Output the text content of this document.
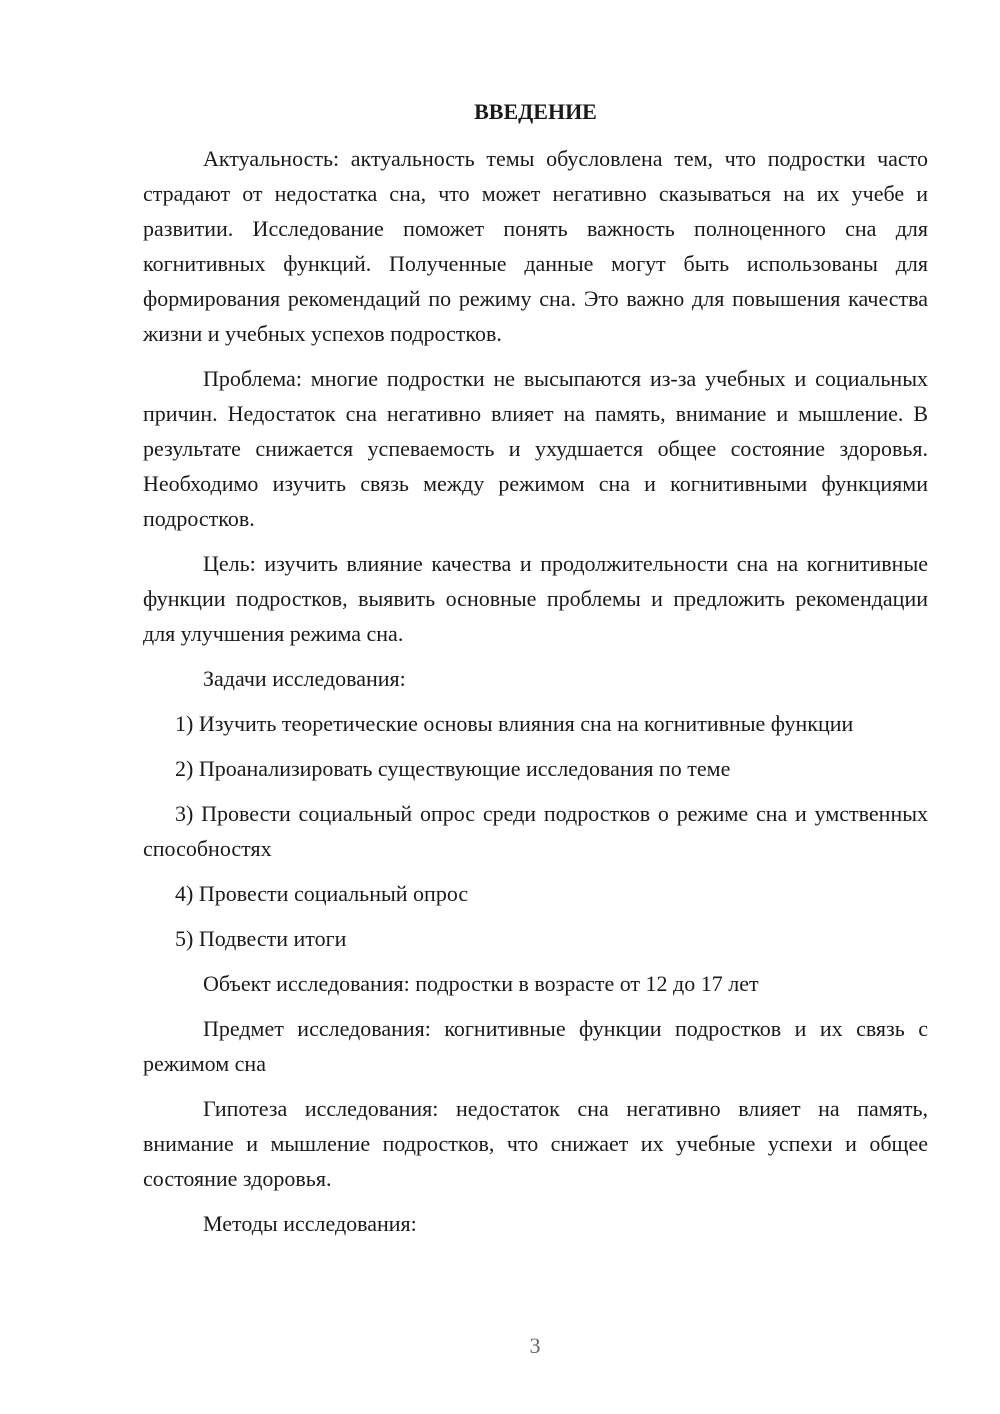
ВВЕДЕНИЕ

Актуальность: актуальность темы обусловлена тем, что подростки часто страдают от недостатка сна, что может негативно сказываться на их учебе и развитии. Исследование поможет понять важность полноценного сна для когнитивных функций. Полученные данные могут быть использованы для формирования рекомендаций по режиму сна. Это важно для повышения качества жизни и учебных успехов подростков.

Проблема: многие подростки не высыпаются из-за учебных и социальных причин. Недостаток сна негативно влияет на память, внимание и мышление. В результате снижается успеваемость и ухудшается общее состояние здоровья. Необходимо изучить связь между режимом сна и когнитивными функциями подростков.

Цель: изучить влияние качества и продолжительности сна на когнитивные функции подростков, выявить основные проблемы и предложить рекомендации для улучшения режима сна.

Задачи исследования:

1) Изучить теоретические основы влияния сна на когнитивные функции

2) Проанализировать существующие исследования по теме

3) Провести социальный опрос среди подростков о режиме сна и умственных способностях

4) Провести социальный опрос

5) Подвести итоги

Объект исследования: подростки в возрасте от 12 до 17 лет

Предмет исследования: когнитивные функции подростков и их связь с режимом сна

Гипотеза исследования: недостаток сна негативно влияет на память, внимание и мышление подростков, что снижает их учебные успехи и общее состояние здоровья.

Методы исследования:

3
